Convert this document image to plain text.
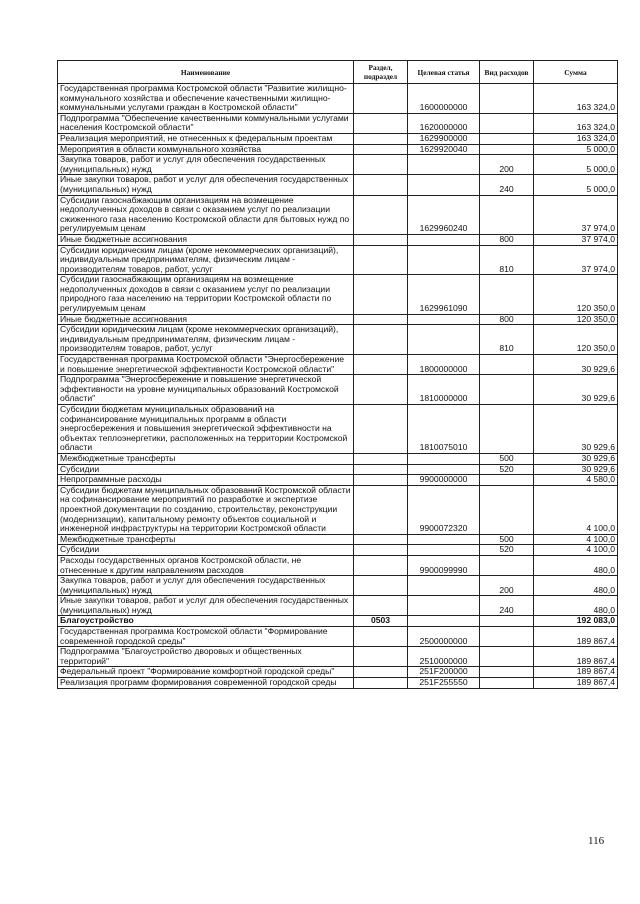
Наименование	Раздел, подраздел	Целевая статья	Вид расходов	Сумма
Государственная программа Костромской области "Развитие жилищно-коммунального хозяйства и обеспечение качественными жилищно-коммунальными услугами граждан в Костромской области"		1600000000		163 324,0
Подпрограмма "Обеспечение качественными коммунальными услугами населения Костромской области"		1620000000		163 324,0
Реализация мероприятий, не отнесенных к федеральным проектам		1629900000		163 324,0
Мероприятия в области коммунального хозяйства		1629920040		5 000,0
Закупка товаров, работ и услуг для обеспечения государственных (муниципальных) нужд			200	5 000,0
Иные закупки товаров, работ и услуг для обеспечения государственных (муниципальных) нужд			240	5 000,0
Субсидии газоснабжающим организациям на возмещение недополученных доходов в связи с оказанием услуг по реализации сжиженного газа населению Костромской области для бытовых нужд по регулируемым ценам		1629960240		37 974,0
Иные бюджетные ассигнования			800	37 974,0
Субсидии юридическим лицам (кроме некоммерческих организаций), индивидуальным предпринимателям, физическим лицам - производителям товаров, работ, услуг			810	37 974,0
Субсидии газоснабжающим организациям на возмещение недополученных доходов в связи с оказанием услуг по реализации природного газа населению на территории Костромской области по регулируемым ценам		1629961090		120 350,0
Иные бюджетные ассигнования			800	120 350,0
Субсидии юридическим лицам (кроме некоммерческих организаций), индивидуальным предпринимателям, физическим лицам - производителям товаров, работ, услуг			810	120 350,0
Государственная программа Костромской области "Энергосбережение и повышение энергетической эффективности Костромской области"		1800000000		30 929,6
Подпрограмма "Энергосбережение и повышение энергетической эффективности на уровне муниципальных образований Костромской области"		1810000000		30 929,6
Субсидии бюджетам муниципальных образований на софинансирование муниципальных программ в области энергосбережения и повышения энергетической эффективности на объектах теплоэнергетики, расположенных на территории Костромской области		1810075010		30 929,6
Межбюджетные трансферты			500	30 929,6
Субсидии			520	30 929,6
Непрограммные расходы		9900000000		4 580,0
Субсидии бюджетам муниципальных образований Костромской области на софинансирование мероприятий по разработке и экспертизе проектной документации по созданию, строительству, реконструкции (модернизации), капитальному ремонту объектов социальной и инженерной инфраструктуры на территории Костромской области		9900072320		4 100,0
Межбюджетные трансферты			500	4 100,0
Субсидии			520	4 100,0
Расходы государственных органов Костромской области, не отнесенные к другим направлениям расходов		9900099990		480,0
Закупка товаров, работ и услуг для обеспечения государственных (муниципальных) нужд			200	480,0
Иные закупки товаров, работ и услуг для обеспечения государственных (муниципальных) нужд			240	480,0
Благоустройство	0503			192 083,0
Государственная программа Костромской области "Формирование современной городской среды"		2500000000		189 867,4
Подпрограмма "Благоустройство дворовых и общественных территорий"		2510000000		189 867,4
Федеральный проект "Формирование комфортной городской среды"		251F200000		189 867,4
Реализация программ формирования современной городской среды		251F255550		189 867,4
116
